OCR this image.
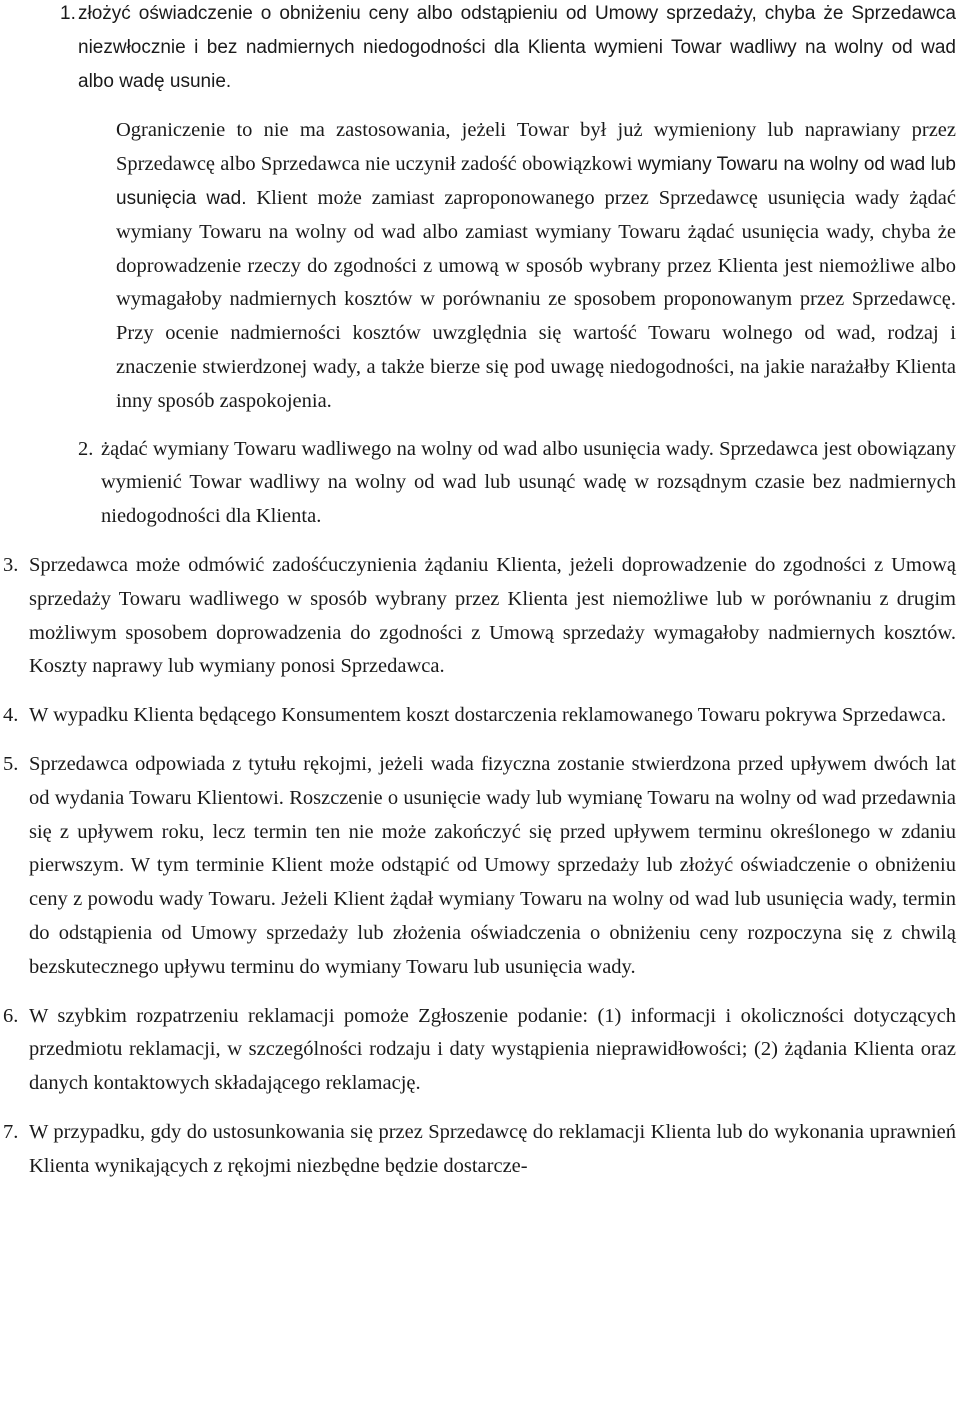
1. złożyć oświadczenie o obniżeniu ceny albo odstąpieniu od Umowy sprzedaży, chyba że Sprzedawca niezwłocznie i bez nadmiernych niedogodności dla Klienta wymieni Towar wadliwy na wolny od wad albo wadę usunie.

Ograniczenie to nie ma zastosowania, jeżeli Towar był już wymieniony lub naprawiany przez Sprzedawcę albo Sprzedawca nie uczynił zadość obowiązkowi wymiany Towaru na wolny od wad lub usunięcia wad. Klient może zamiast zaproponowanego przez Sprzedawcę usunięcia wady żądać wymiany Towaru na wolny od wad albo zamiast wymiany Towaru żądać usunięcia wady, chyba że doprowadzenie rzeczy do zgodności z umową w sposób wybrany przez Klienta jest niemożliwe albo wymagałoby nadmiernych kosztów w porównaniu ze sposobem proponowanym przez Sprzedawcę. Przy ocenie nadmierności kosztów uwzględnia się wartość Towaru wolnego od wad, rodzaj i znaczenie stwierdzonej wady, a także bierze się pod uwagę niedogodności, na jakie narażałby Klienta inny sposób zaspokojenia.

2. żądać wymiany Towaru wadliwego na wolny od wad albo usunięcia wady. Sprzedawca jest obowiązany wymienić Towar wadliwy na wolny od wad lub usunąć wadę w rozsądnym czasie bez nadmiernych niedogodności dla Klienta.

3. Sprzedawca może odmówić zadośćuczynienia żądaniu Klienta, jeżeli doprowadzenie do zgodności z Umową sprzedaży Towaru wadliwego w sposób wybrany przez Klienta jest niemożliwe lub w porównaniu z drugim możliwym sposobem doprowadzenia do zgodności z Umową sprzedaży wymagałoby nadmiernych kosztów. Koszty naprawy lub wymiany ponosi Sprzedawca.

4. W wypadku Klienta będącego Konsumentem koszt dostarczenia reklamowanego Towaru pokrywa Sprzedawca.

5. Sprzedawca odpowiada z tytułu rękojmi, jeżeli wada fizyczna zostanie stwierdzona przed upływem dwóch lat od wydania Towaru Klientowi. Roszczenie o usunięcie wady lub wymianę Towaru na wolny od wad przedawnia się z upływem roku, lecz termin ten nie może zakończyć się przed upływem terminu określonego w zdaniu pierwszym. W tym terminie Klient może odstąpić od Umowy sprzedaży lub złożyć oświadczenie o obniżeniu ceny z powodu wady Towaru. Jeżeli Klient żądał wymiany Towaru na wolny od wad lub usunięcia wady, termin do odstąpienia od Umowy sprzedaży lub złożenia oświadczenia o obniżeniu ceny rozpoczyna się z chwilą bezskutecznego upływu terminu do wymiany Towaru lub usunięcia wady.

6. W szybkim rozpatrzeniu reklamacji pomoże Zgłoszenie podanie: (1) informacji i okoliczności dotyczących przedmiotu reklamacji, w szczególności rodzaju i daty wystąpienia nieprawidłowości; (2) żądania Klienta oraz danych kontaktowych składającego reklamację.

7. W przypadku, gdy do ustosunkowania się przez Sprzedawcę do reklamacji Klienta lub do wykonania uprawnień Klienta wynikających z rękojmi niezbędne będzie dostarcze-
